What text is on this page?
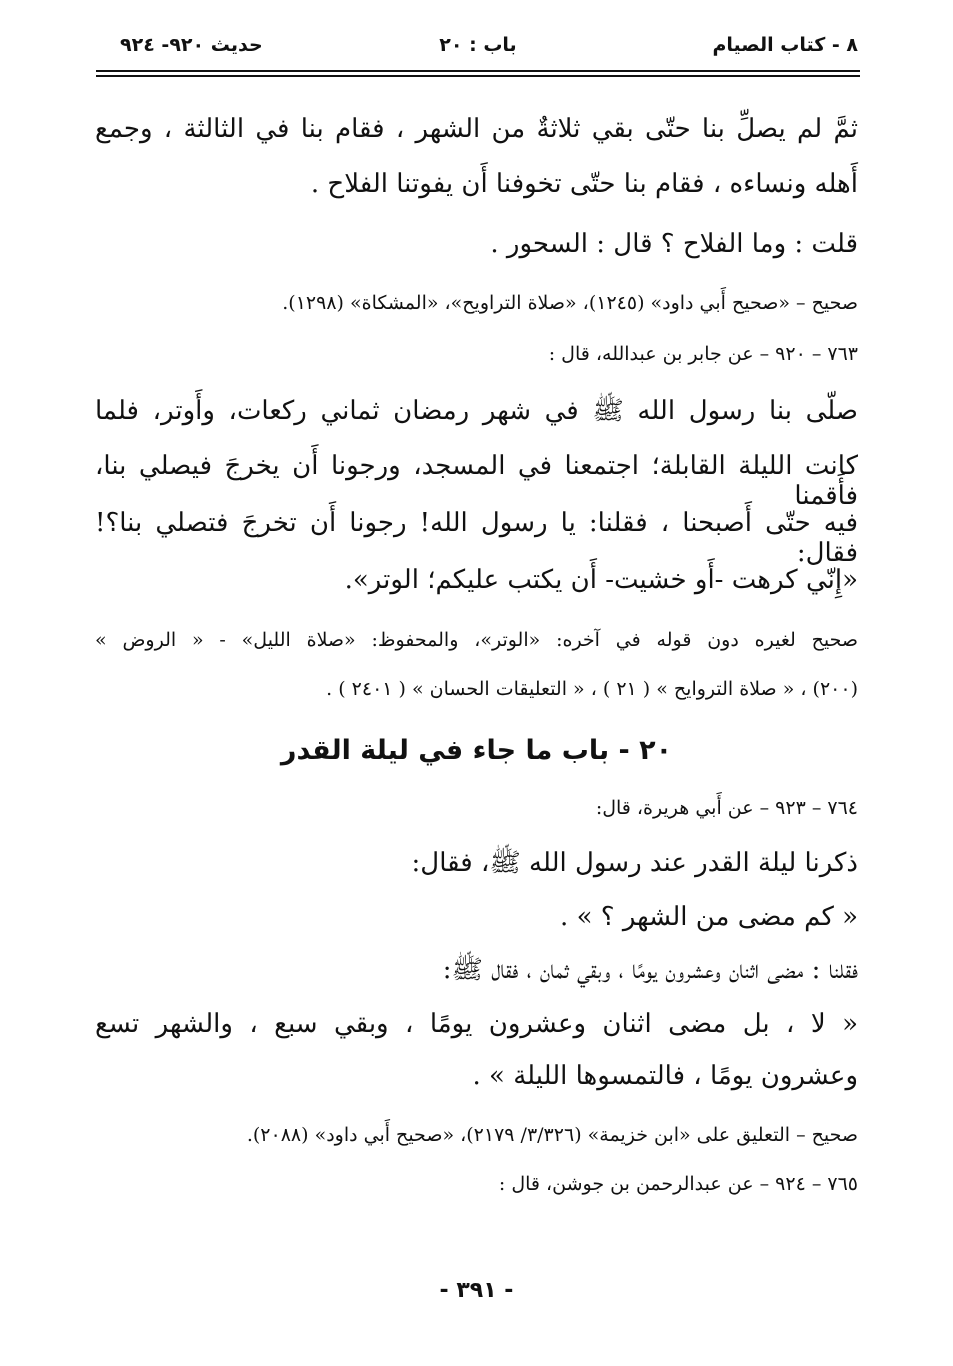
٨ - كتاب الصيام
باب : ٢٠
حديث ٩٢٠- ٩٢٤
ثمَّ لم يصلِّ بنا حتّى بقي ثلاثةٌ من الشهر ، فقام بنا في الثالثة ، وجمع
أَهله ونساءه ، فقام بنا حتّى تخوفنا أَن يفوتنا الفلاح .
قلت : وما الفلاح ؟ قال : السحور .
صحيح – «صحيح أَبي داود» (١٢٤٥)، «صلاة التراويح»، «المشكاة» (١٢٩٨).
٧٦٣ – ٩٢٠ – عن جابر بن عبدالله، قال :
صلّى بنا رسول الله ﷺ في شهر رمضان ثماني ركعات، وأَوتر، فلما
كانت الليلة القابلة؛ اجتمعنا في المسجد، ورجونا أَن يخرجَ فيصلي بنا، فأَقمنا
فيه حتّى أَصبحنا ، فقلنا: يا رسول الله! رجونا أَن تخرجَ فتصلي بنا؟! فقال:
«إِنّي كرهت -أَو خشيت- أَن يكتب عليكم؛ الوتر».
صحيح لغيره دون قوله في آخره: «الوتر»، والمحفوظ: «صلاة الليل» - « الروض »
(٢٠٠) ، « صلاة التروايح » ( ٢١ ) ، « التعليقات الحسان » ( ٢٤٠١ ) .
٢٠ - باب ما جاء في ليلة القدر
٧٦٤ – ٩٢٣ – عن أَبي هريرة، قال:
ذكرنا ليلة القدر عند رسول الله ﷺ، فقال:
« كم مضى من الشهر ؟ » .
فقلنا : مضى اثنان وعشرون يومًا ، وبقي ثمان ، فقال ﷺ:
« لا ، بل مضى اثنان وعشرون يومًا ، وبقي سبع ، والشهر تسع
وعشرون يومًا ، فالتمسوها الليلة » .
صحيح – التعليق على «ابن خزيمة» (٣/٣٢٦/ ٢١٧٩)، «صحيح أَبي داود» (٢٠٨٨).
٧٦٥ – ٩٢٤ – عن عبدالرحمن بن جوشن، قال :
- ٣٩١ -
